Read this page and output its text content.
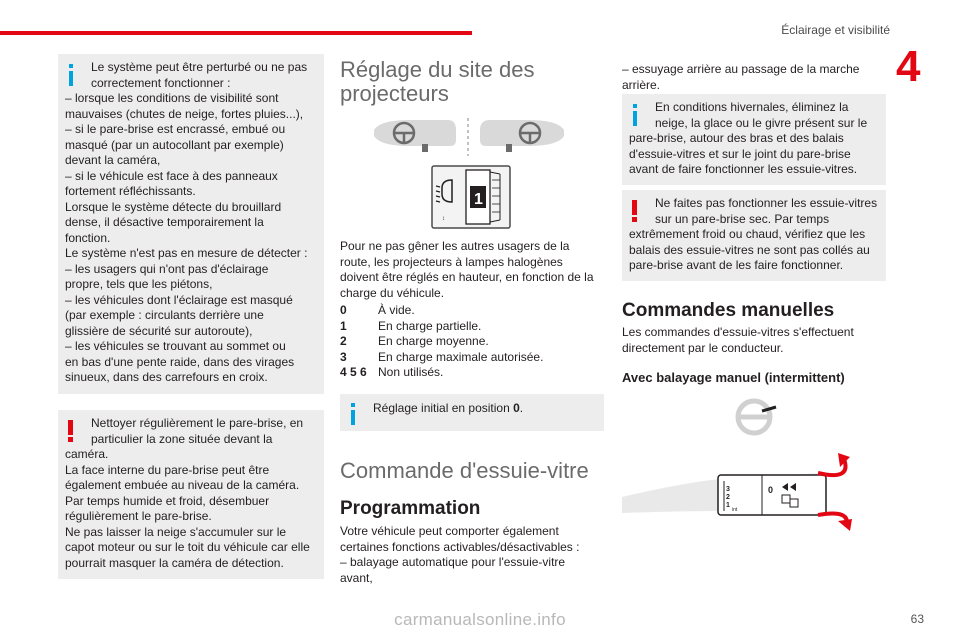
Éclairage et visibilité
4
Le système peut être perturbé ou ne pas correctement fonctionner :
– lorsque les conditions de visibilité sont
mauvaises (chutes de neige, fortes pluies...),
– si le pare-brise est encrassé, embué ou
masqué (par un autocollant par exemple)
devant la caméra,
– si le véhicule est face à des panneaux
fortement réfléchissants.
Lorsque le système détecte du brouillard
dense, il désactive temporairement la
fonction.
Le système n'est pas en mesure de détecter :
– les usagers qui n'ont pas d'éclairage
propre, tels que les piétons,
– les véhicules dont l'éclairage est masqué
(par exemple : circulants derrière une
glissière de sécurité sur autoroute),
– les véhicules se trouvant au sommet ou
en bas d'une pente raide, dans des virages
sinueux, dans des carrefours en croix.
Nettoyer régulièrement le pare-brise, en particulier la zone située devant la
caméra.
La face interne du pare-brise peut être
également embuée au niveau de la caméra.
Par temps humide et froid, désembuer
régulièrement le pare-brise.
Ne pas laisser la neige s'accumuler sur le
capot moteur ou sur le toit du véhicule car elle
pourrait masquer la caméra de détection.
Réglage du site des projecteurs
↕
1
Pour ne pas gêner les autres usagers de la
route, les projecteurs à lampes halogènes
doivent être réglés en hauteur, en fonction de la
charge du véhicule.
0	À vide.
1	En charge partielle.
2	En charge moyenne.
3	En charge maximale autorisée.
4 5 6	Non utilisés.
Réglage initial en position 0.
Commande d'essuie-vitre
Programmation
Votre véhicule peut comporter également
certaines fonctions activables/désactivables :
– balayage automatique pour l'essuie-vitre
avant,
– essuyage arrière au passage de la marche
arrière.
En conditions hivernales, éliminez la neige, la glace ou le givre présent sur le
pare-brise, autour des bras et des balais
d'essuie-vitres et sur le joint du pare-brise
avant de faire fonctionner les essuie-vitres.
Ne faites pas fonctionner les essuie-vitres sur un pare-brise sec. Par temps
extrêmement froid ou chaud, vérifiez que les
balais des essuie-vitres ne sont pas collés au
pare-brise avant de les faire fonctionner.
Commandes manuelles
Les commandes d'essuie-vitres s'effectuent
directement par le conducteur.
Avec balayage manuel (intermittent)
3
2
1
int
0
carmanualsonline.info	63
